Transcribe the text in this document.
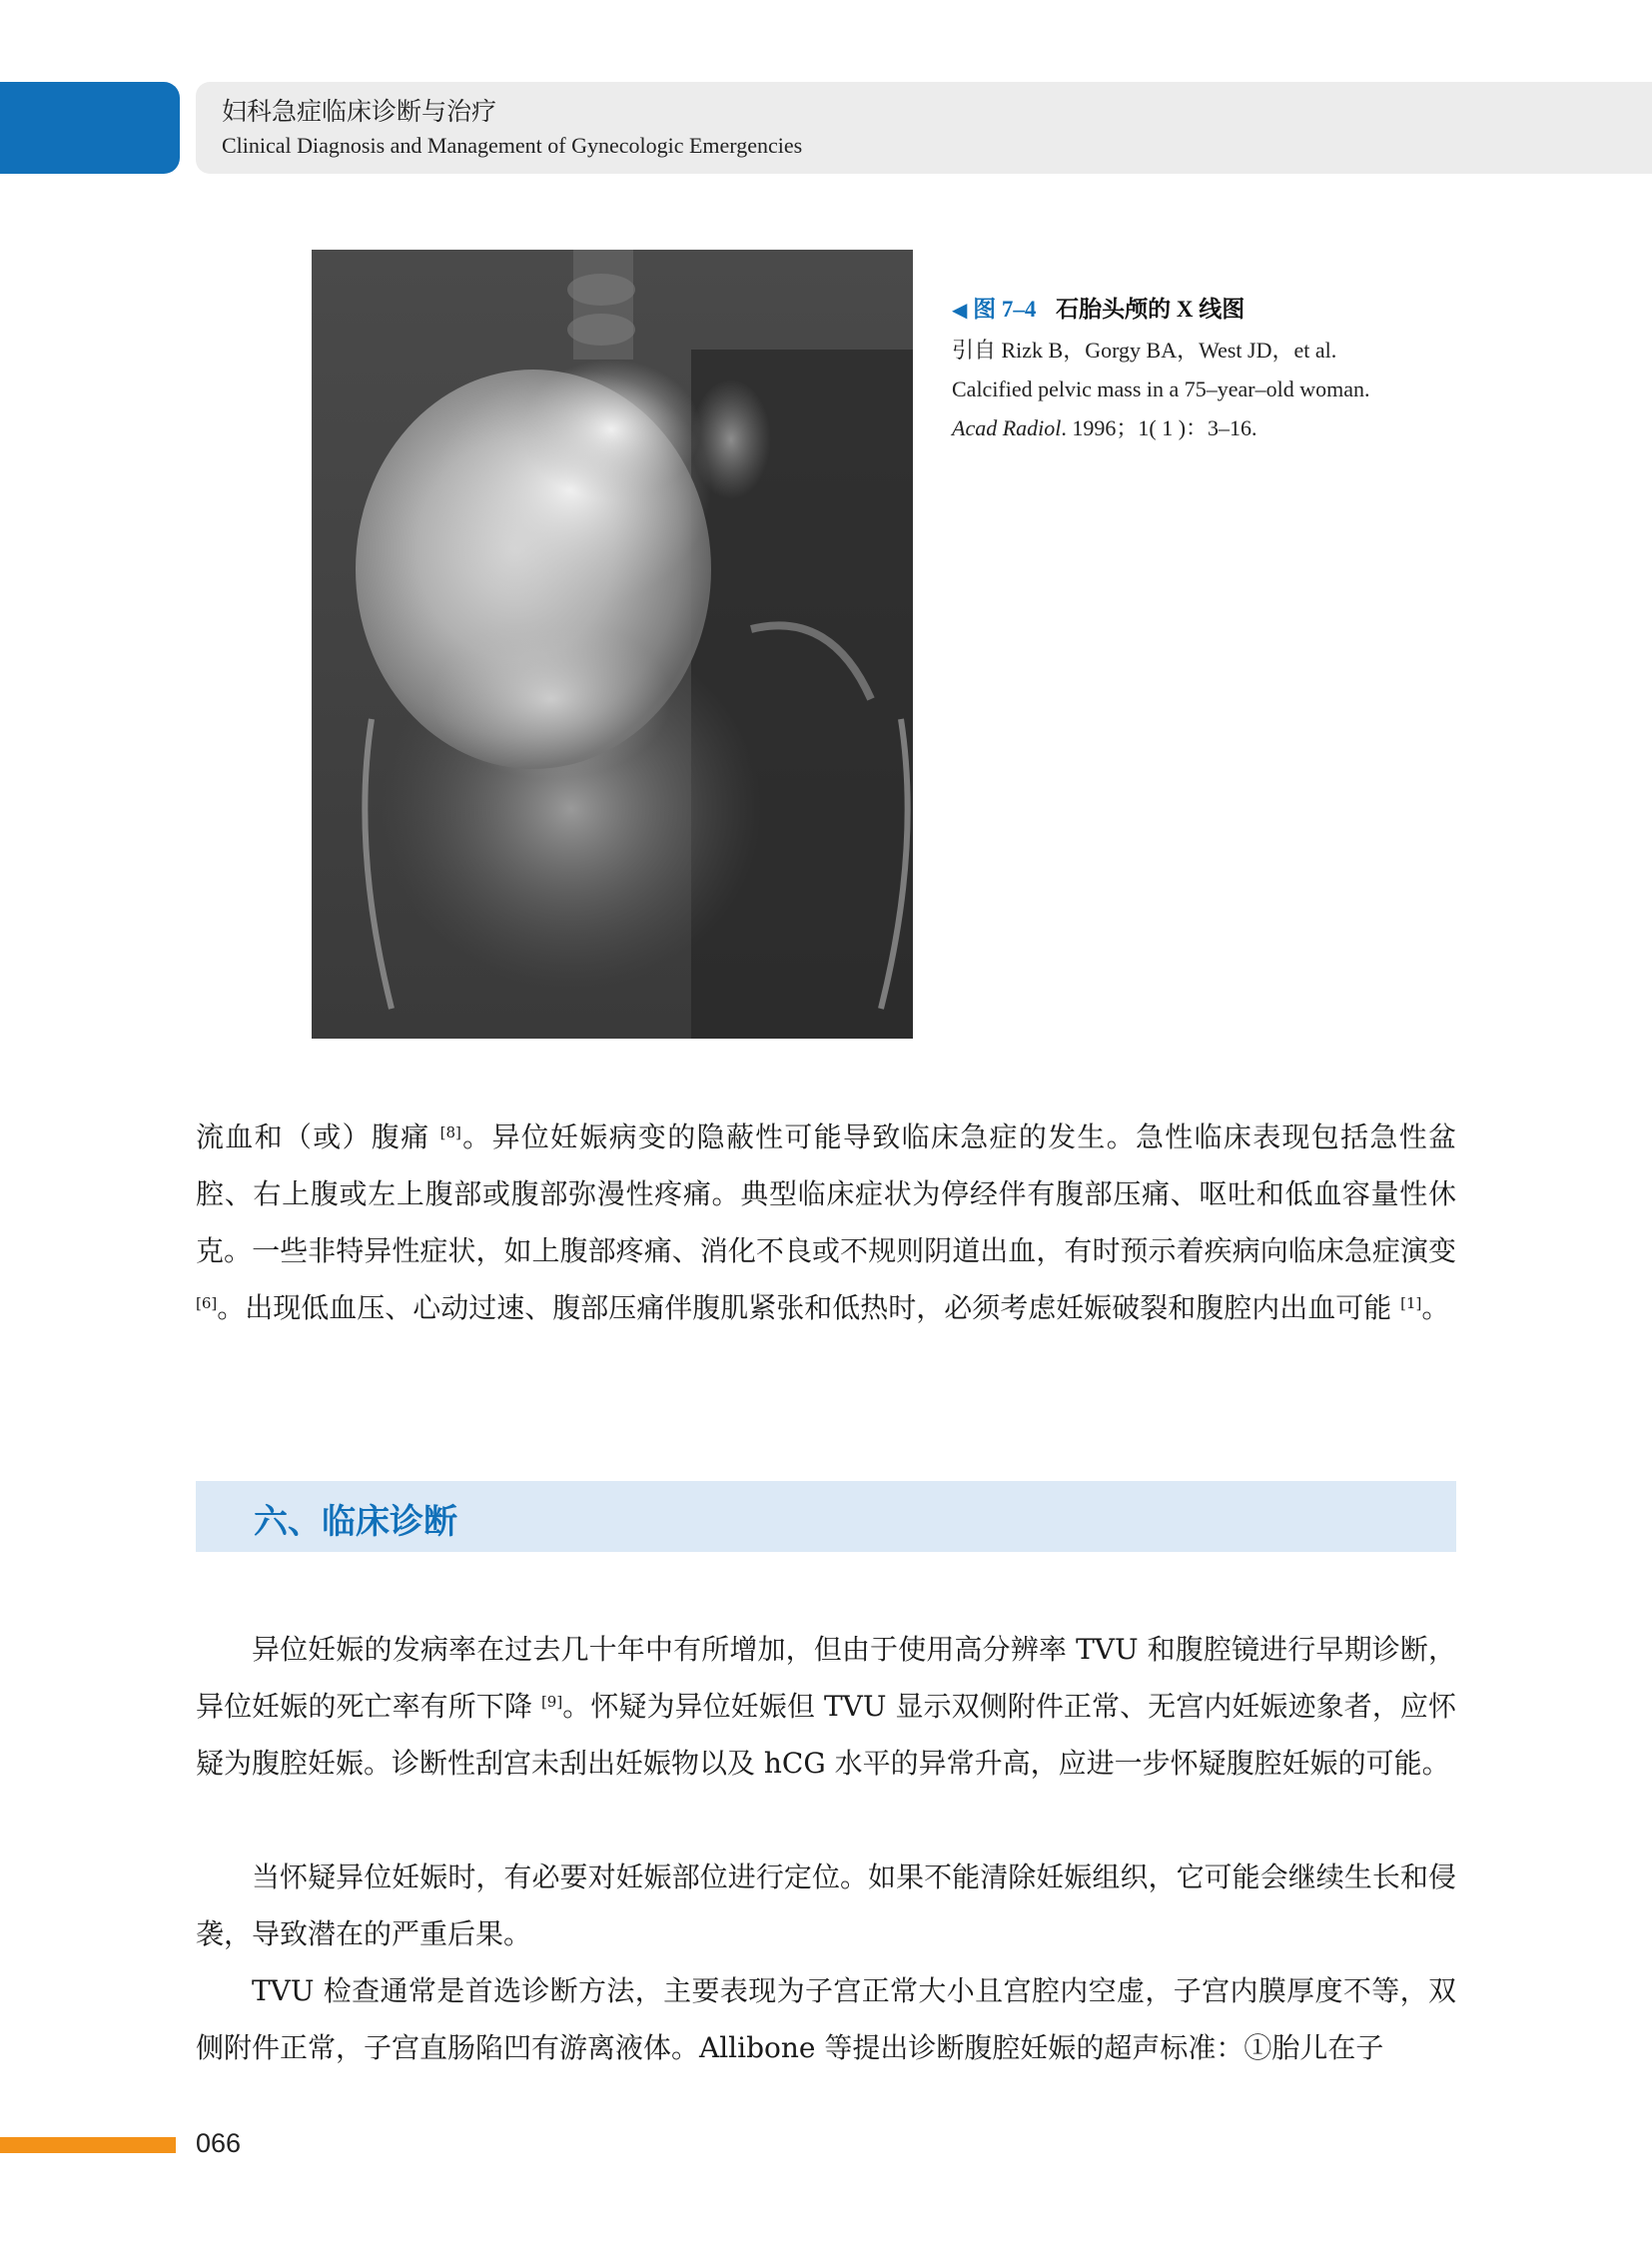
妇科急症临床诊断与治疗
Clinical Diagnosis and Management of Gynecologic Emergencies
◀ 图 7–4 石胎头颅的 X 线图
引自 Rizk B，Gorgy BA，West JD，et al. Calcified pelvic mass in a 75–year–old woman. Acad Radiol. 1996；1( 1 )：3–16.

流血和（或）腹痛 [8]。异位妊娠病变的隐蔽性可能导致临床急症的发生。急性临床表现包括急性盆腔、右上腹或左上腹部或腹部弥漫性疼痛。典型临床症状为停经伴有腹部压痛、呕吐和低血容量性休克。一些非特异性症状，如上腹部疼痛、消化不良或不规则阴道出血，有时预示着疾病向临床急症演变 [6]。出现低血压、心动过速、腹部压痛伴腹肌紧张和低热时，必须考虑妊娠破裂和腹腔内出血可能 [1]。

六、临床诊断

异位妊娠的发病率在过去几十年中有所增加，但由于使用高分辨率 TVU 和腹腔镜进行早期诊断，异位妊娠的死亡率有所下降 [9]。怀疑为异位妊娠但 TVU 显示双侧附件正常、无宫内妊娠迹象者，应怀疑为腹腔妊娠。诊断性刮宫未刮出妊娠物以及 hCG 水平的异常升高，应进一步怀疑腹腔妊娠的可能。

当怀疑异位妊娠时，有必要对妊娠部位进行定位。如果不能清除妊娠组织，它可能会继续生长和侵袭，导致潜在的严重后果。

TVU 检查通常是首选诊断方法，主要表现为子宫正常大小且宫腔内空虚，子宫内膜厚度不等，双侧附件正常，子宫直肠陷凹有游离液体。Allibone 等提出诊断腹腔妊娠的超声标准：①胎儿在子

066
